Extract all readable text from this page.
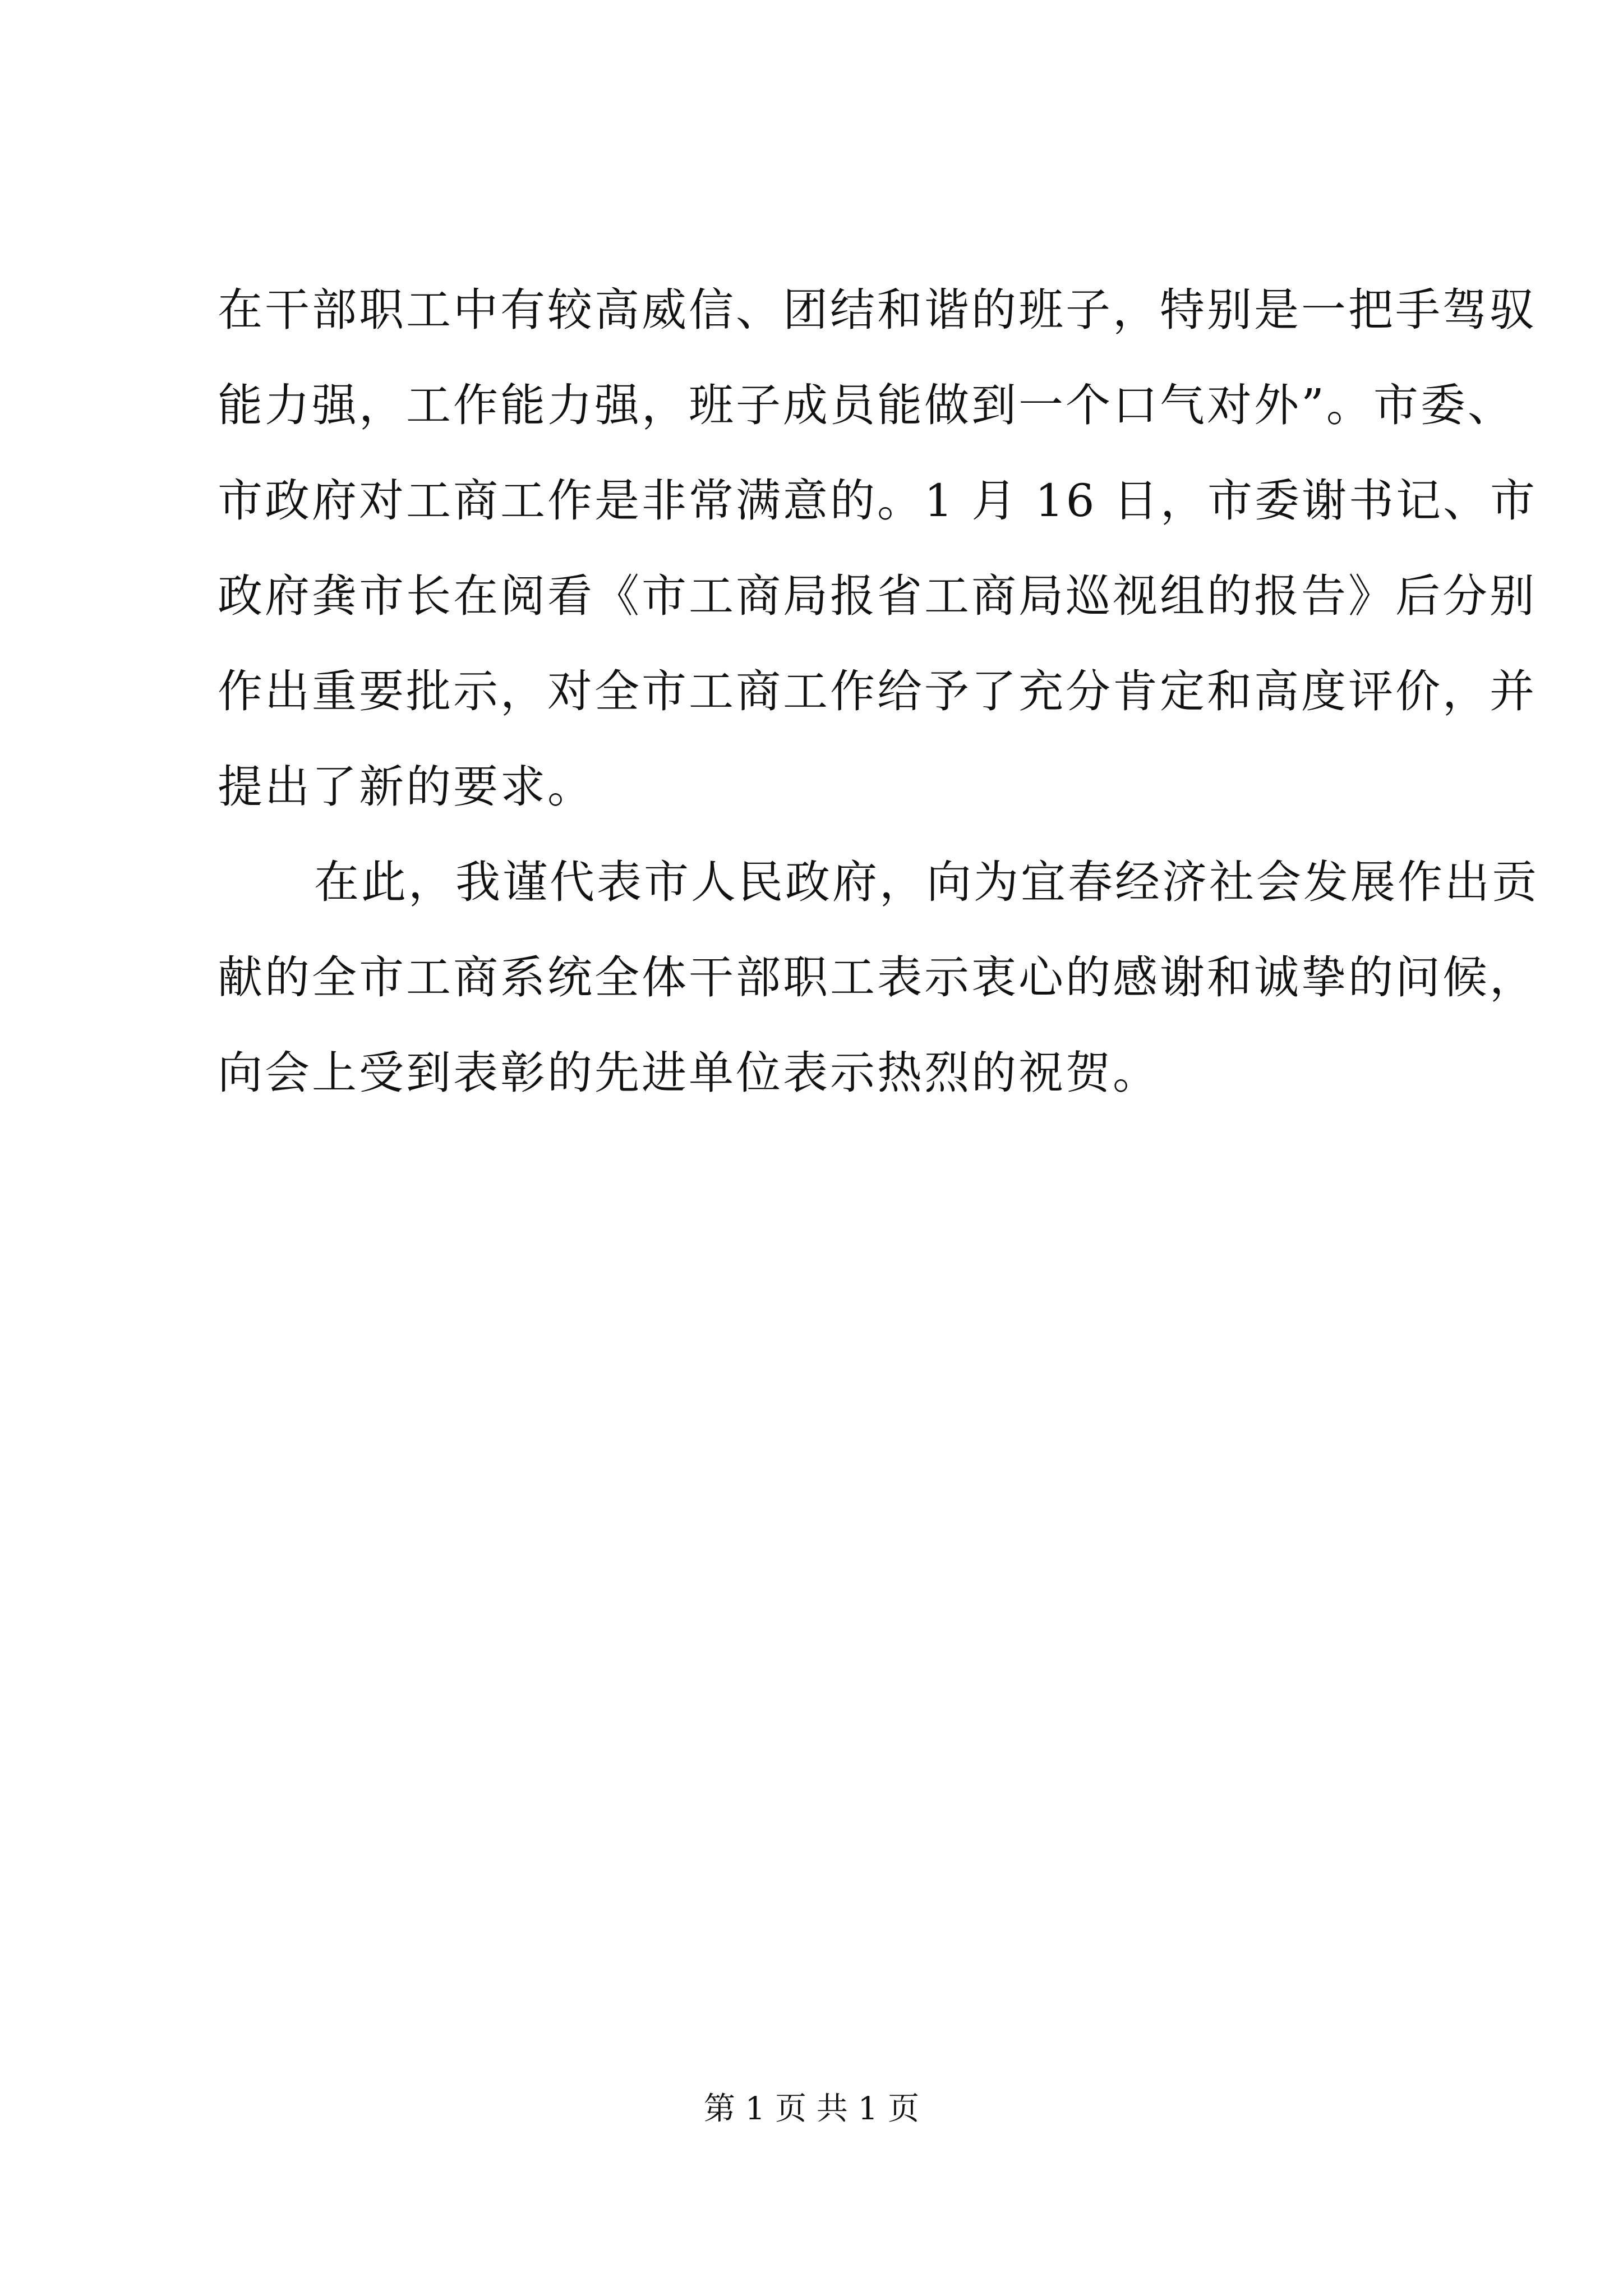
在干部职工中有较高威信、团结和谐的班子，特别是一把手驾驭
能力强，工作能力强，班子成员能做到一个口气对外”。市委、
市政府对工商工作是非常满意的。1 月 16 日，市委谢书记、市
政府龚市长在阅看《市工商局报省工商局巡视组的报告》后分别
作出重要批示，对全市工商工作给予了充分肯定和高度评价，并
提出了新的要求。
在此，我谨代表市人民政府，向为宜春经济社会发展作出贡
献的全市工商系统全体干部职工表示衷心的感谢和诚挚的问候，
向会上受到表彰的先进单位表示热烈的祝贺。
第 1 页 共 1 页
